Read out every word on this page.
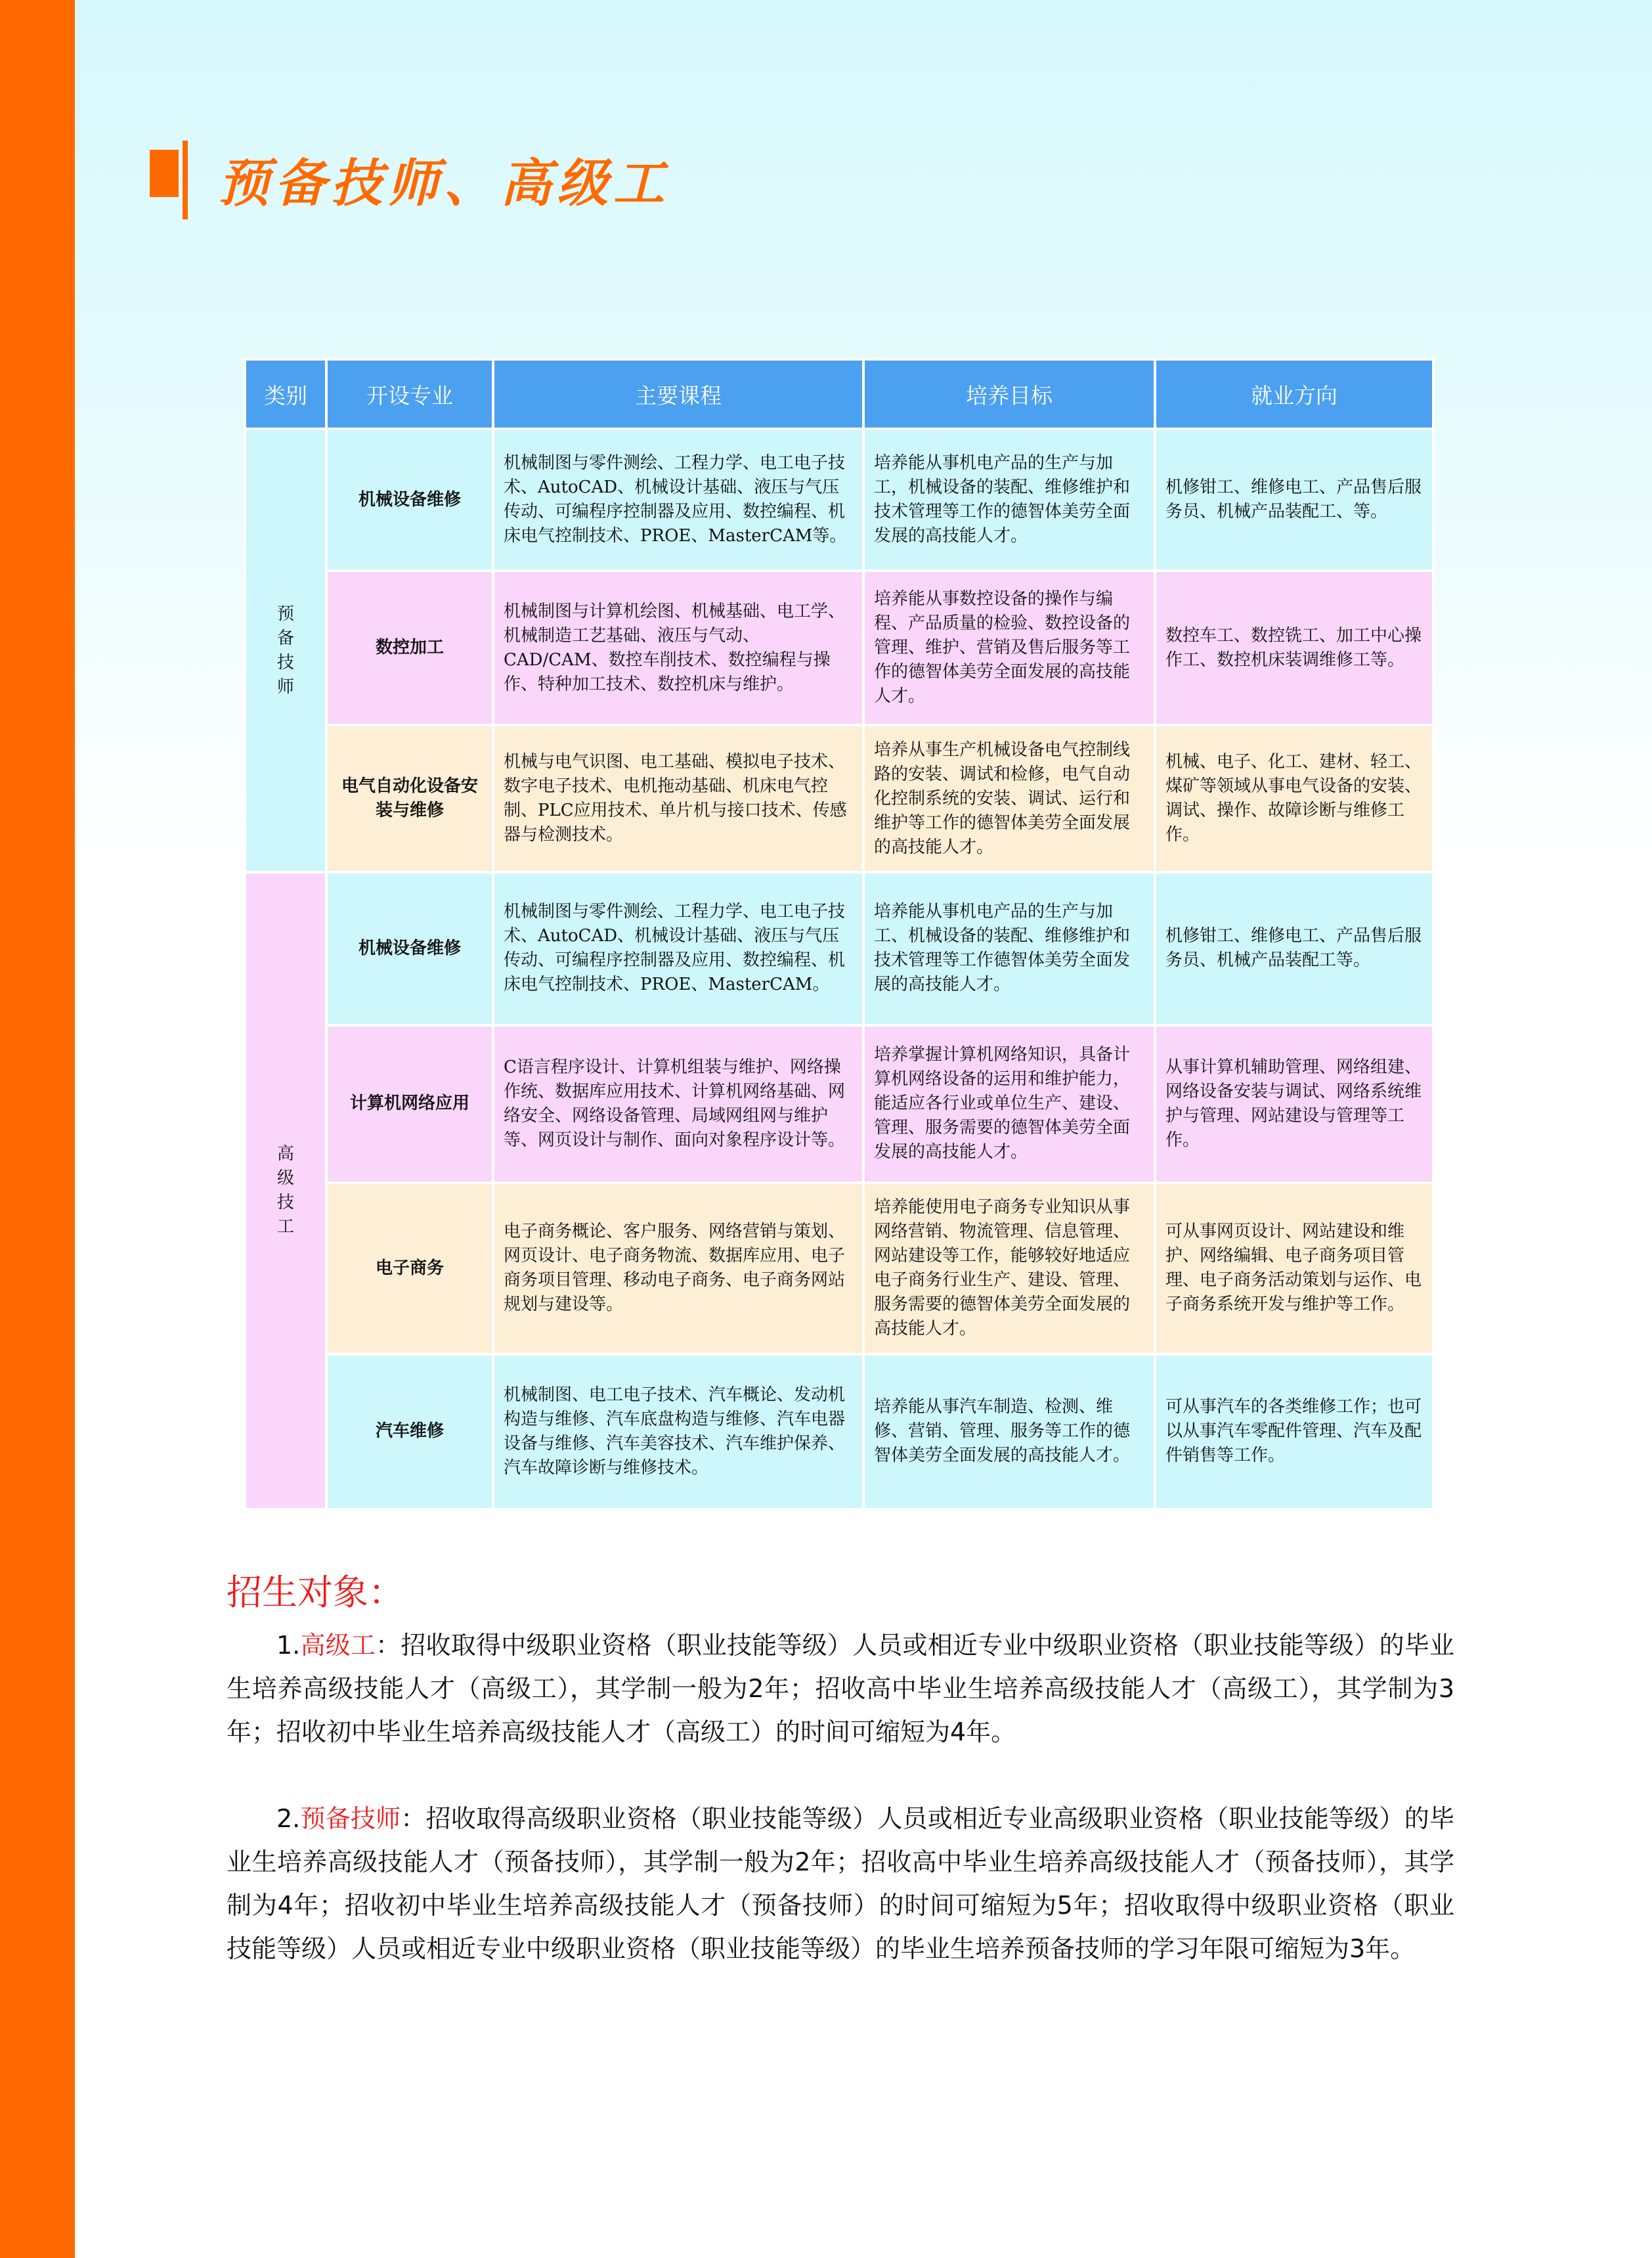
预备技师、高级工
类别	开设专业	主要课程	培养目标	就业方向
预备技师	机械设备维修	机械制图与零件测绘、工程力学、电工电子技术、AutoCAD、机械设计基础、液压与气压传动、可编程序控制器及应用、数控编程、机床电气控制技术、PROE、MasterCAM等。	培养能从事机电产品的生产与加工，机械设备的装配、维修维护和技术管理等工作的德智体美劳全面发展的高技能人才。	机修钳工、维修电工、产品售后服务员、机械产品装配工、等。
	数控加工	机械制图与计算机绘图、机械基础、电工学、机械制造工艺基础、液压与气动、CAD/CAM、数控车削技术、数控编程与操作、特种加工技术、数控机床与维护。	培养能从事数控设备的操作与编程、产品质量的检验、数控设备的管理、维护、营销及售后服务等工作的德智体美劳全面发展的高技能人才。	数控车工、数控铣工、加工中心操作工、数控机床装调维修工等。
	电气自动化设备安装与维修	机械与电气识图、电工基础、模拟电子技术、数字电子技术、电机拖动基础、机床电气控制、PLC应用技术、单片机与接口技术、传感器与检测技术。	培养从事生产机械设备电气控制线路的安装、调试和检修，电气自动化控制系统的安装、调试、运行和维护等工作的德智体美劳全面发展的高技能人才。	机械、电子、化工、建材、轻工、煤矿等领域从事电气设备的安装、调试、操作、故障诊断与维修工作。
高级技工	机械设备维修	机械制图与零件测绘、工程力学、电工电子技术、AutoCAD、机械设计基础、液压与气压传动、可编程序控制器及应用、数控编程、机床电气控制技术、PROE、MasterCAM。	培养能从事机电产品的生产与加工、机械设备的装配、维修维护和技术管理等工作德智体美劳全面发展的高技能人才。	机修钳工、维修电工、产品售后服务员、机械产品装配工等。
	计算机网络应用	C语言程序设计、计算机组装与维护、网络操作统、数据库应用技术、计算机网络基础、网络安全、网络设备管理、局域网组网与维护等、网页设计与制作、面向对象程序设计等。	培养掌握计算机网络知识，具备计算机网络设备的运用和维护能力，能适应各行业或单位生产、建设、管理、服务需要的德智体美劳全面发展的高技能人才。	从事计算机辅助管理、网络组建、网络设备安装与调试、网络系统维护与管理、网站建设与管理等工作。
	电子商务	电子商务概论、客户服务、网络营销与策划、网页设计、电子商务物流、数据库应用、电子商务项目管理、移动电子商务、电子商务网站规划与建设等。	培养能使用电子商务专业知识从事网络营销、物流管理、信息管理、网站建设等工作，能够较好地适应电子商务行业生产、建设、管理、服务需要的德智体美劳全面发展的高技能人才。	可从事网页设计、网站建设和维护、网络编辑、电子商务项目管理、电子商务活动策划与运作、电子商务系统开发与维护等工作。
	汽车维修	机械制图、电工电子技术、汽车概论、发动机构造与维修、汽车底盘构造与维修、汽车电器设备与维修、汽车美容技术、汽车维护保养、汽车故障诊断与维修技术。	培养能从事汽车制造、检测、维修、营销、管理、服务等工作的德智体美劳全面发展的高技能人才。	可从事汽车的各类维修工作；也可以从事汽车零配件管理、汽车及配件销售等工作。
招生对象：

1.高级工：招收取得中级职业资格（职业技能等级）人员或相近专业中级职业资格（职业技能等级）的毕业生培养高级技能人才（高级工），其学制一般为2年；招收高中毕业生培养高级技能人才（高级工），其学制为3年；招收初中毕业生培养高级技能人才（高级工）的时间可缩短为4年。

2.预备技师：招收取得高级职业资格（职业技能等级）人员或相近专业高级职业资格（职业技能等级）的毕业生培养高级技能人才（预备技师），其学制一般为2年；招收高中毕业生培养高级技能人才（预备技师），其学制为4年；招收初中毕业生培养高级技能人才（预备技师）的时间可缩短为5年；招收取得中级职业资格（职业技能等级）人员或相近专业中级职业资格（职业技能等级）的毕业生培养预备技师的学习年限可缩短为3年。
